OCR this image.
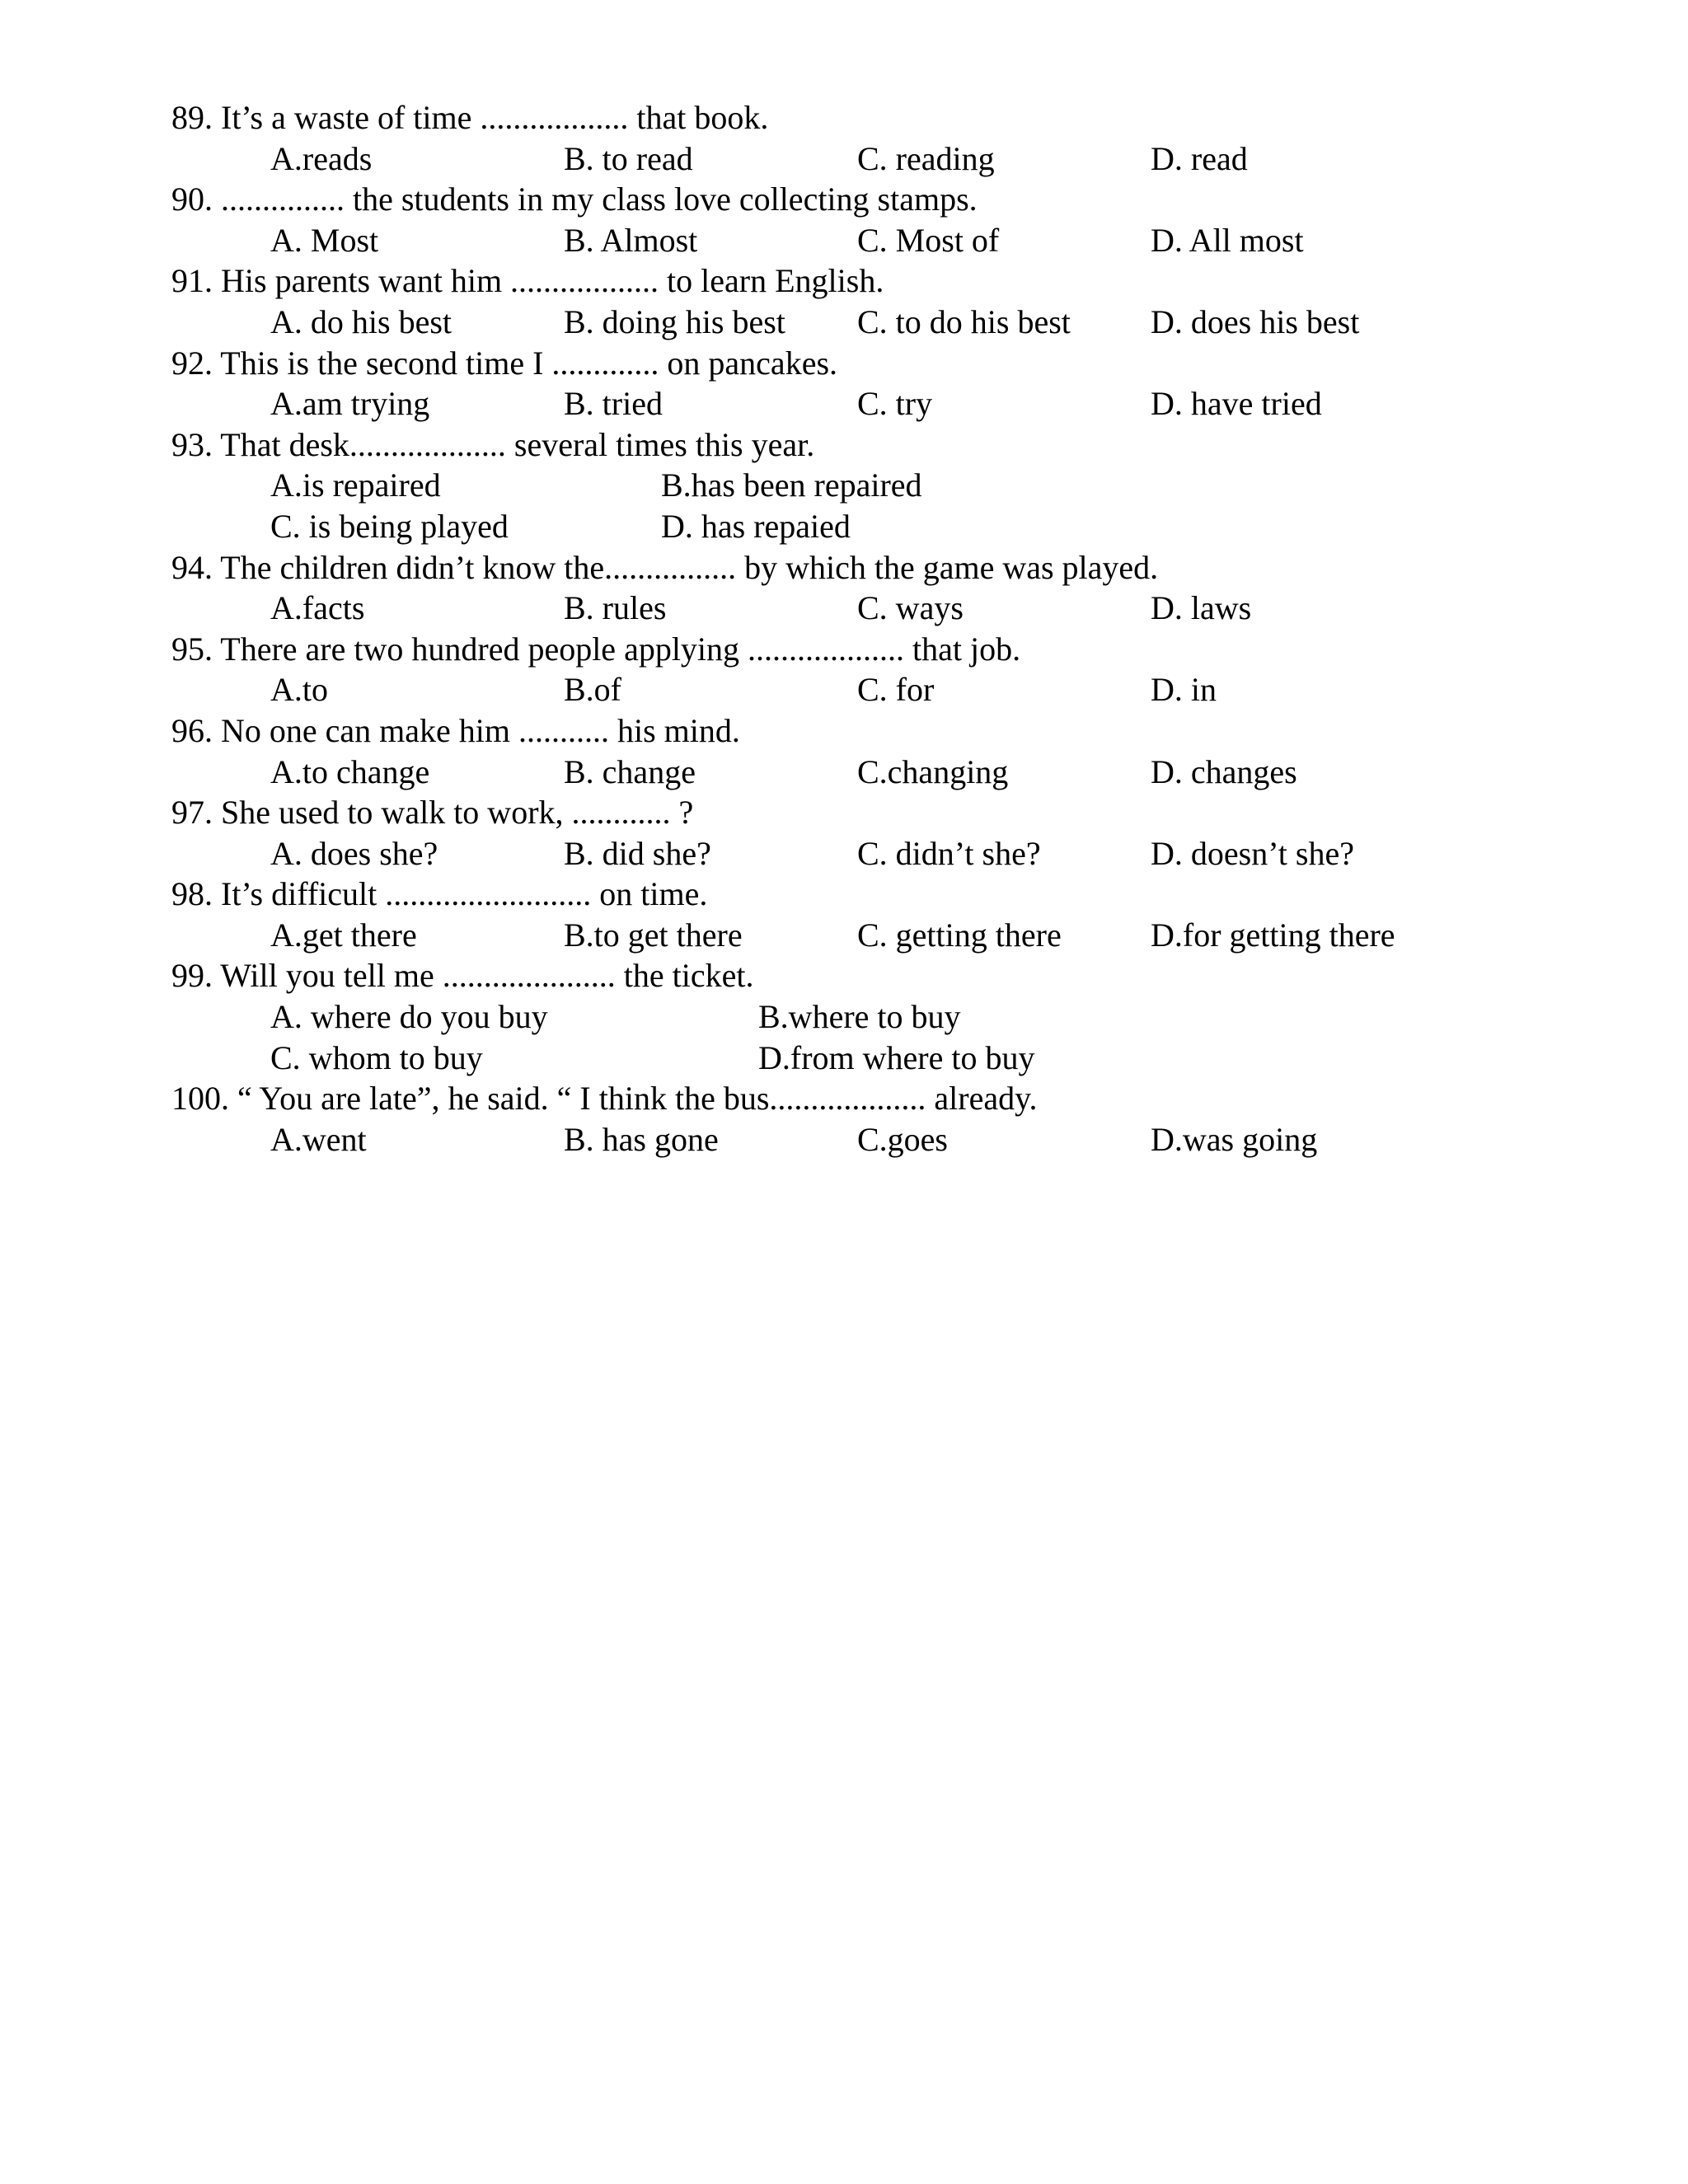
89. It’s a waste of time .................. that book.
A.reads	B. to read	C. reading	D. read
90. ............... the students in my class love collecting stamps.
A. Most	B. Almost	C. Most of	D. All most
91. His parents want him .................. to learn English.
A. do his best	B. doing his best C. to do his best D. does his best
92. This is the second time I ............. on pancakes.
A.am trying	B. tried	C. try	D. have tried
93. That desk................... several times this year.
A.is repaired	B.has been repaired
C. is being played	D. has repaied
94. The children didn’t know the................ by which the game was played.
A.facts	B. rules	C. ways	D. laws
95. There are two hundred people applying ................... that job.
A.to	B.of	C. for	D. in
96. No one can make him ........... his mind.
A.to change	B. change	C.changing	D. changes
97. She used to walk to work, ............ ?
A. does she?	B. did she?	C. didn’t she?	D. doesn’t she?
98. It’s difficult ......................... on time.
A.get there	B.to get there	C. getting there	D.for getting there
99. Will you tell me ..................... the ticket.
A. where do you buy	B.where to buy
C. whom to buy	D.from where to buy
100. “ You are late”, he said. “ I think the bus................... already.
A.went	B. has gone	C.goes	D.was going
